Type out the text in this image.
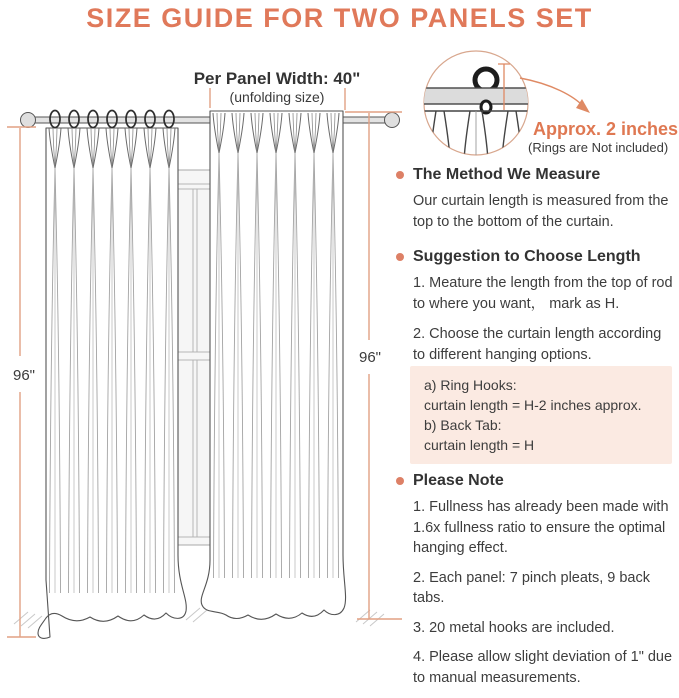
Per Panel Width: 40"
(unfolding size)
96"
96"
Approx. 2 inches
(Rings are Not included)
SIZE GUIDE FOR TWO PANELS SET
The Method We Measure

Our curtain length is measured from the top to the bottom of the curtain.

Suggestion to Choose Length

1. Meature the length from the top of rod to where you want， mark as H.

2. Choose the curtain length according to different hanging options.

a) Ring Hooks:
curtain length = H-2 inches approx.
b) Back Tab:
curtain length = H
Please Note

1. Fullness has already been made with 1.6x fullness ratio to ensure the optimal hanging effect.

2. Each panel: 7 pinch pleats, 9 back tabs.

3. 20 metal hooks are included.

4. Please allow slight deviation of 1" due to manual measurements.
